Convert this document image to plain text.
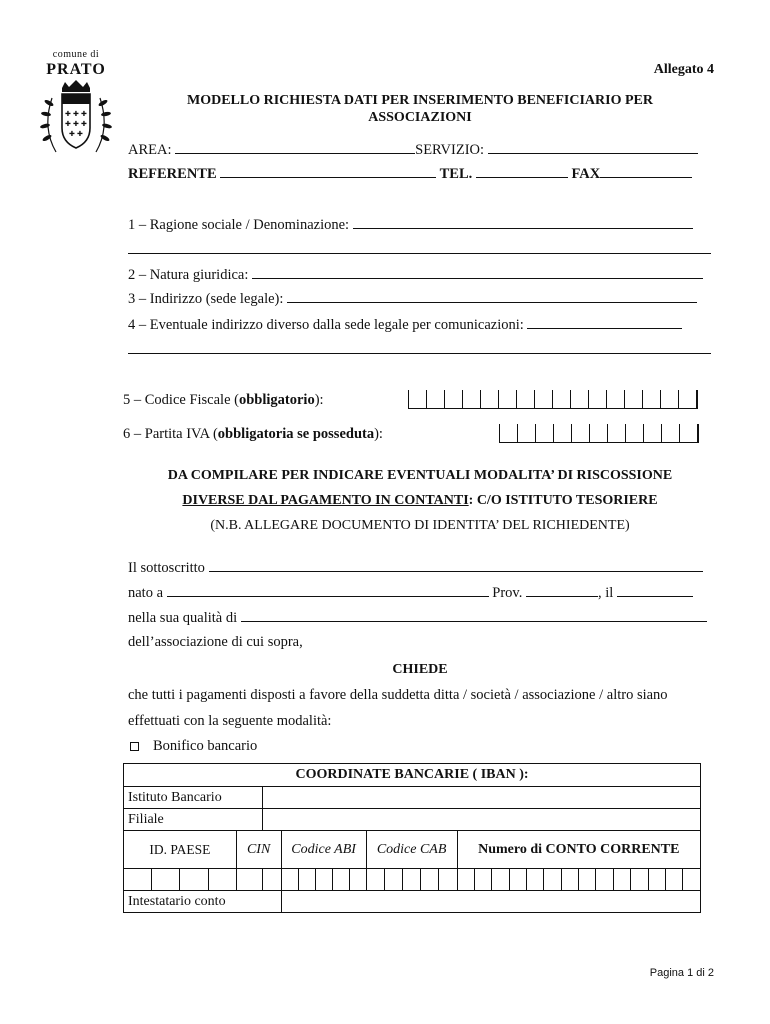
comune di
PRATO
✚ ✚ ✚
✚ ✚ ✚
✚ ✚
Allegato 4
MODELLO RICHIESTA DATI PER INSERIMENTO BENEFICIARIO PER ASSOCIAZIONI
AREA:	SERVIZIO:
REFERENTE	TEL.	FAX
1 – Ragione sociale / Denominazione:
2 – Natura giuridica:
3 – Indirizzo (sede legale):
4 – Eventuale indirizzo diverso dalla sede legale per comunicazioni:
5 – Codice Fiscale (obbligatorio):
6 – Partita IVA (obbligatoria se posseduta):
DA COMPILARE PER INDICARE EVENTUALI MODALITA’ DI RISCOSSIONE
DIVERSE DAL PAGAMENTO IN CONTANTI: C/O ISTITUTO TESORIERE
(N.B. ALLEGARE DOCUMENTO DI IDENTITA’ DEL RICHIEDENTE)
Il sottoscritto
nato a	Prov.	, il
nella sua qualità di
dell’associazione di cui sopra,
CHIEDE
che tutti i pagamenti disposti a favore della suddetta ditta / società / associazione / altro siano
effettuati con la seguente modalità:
Bonifico bancario
COORDINATE BANCARIE ( IBAN ):																													
Istituto Bancario																													
Filiale																													
ID. PAESE				CIN		Codice ABI					Codice CAB					Numero di CONTO CORRENTE													

Intestatario conto																													
Pagina 1 di 2
